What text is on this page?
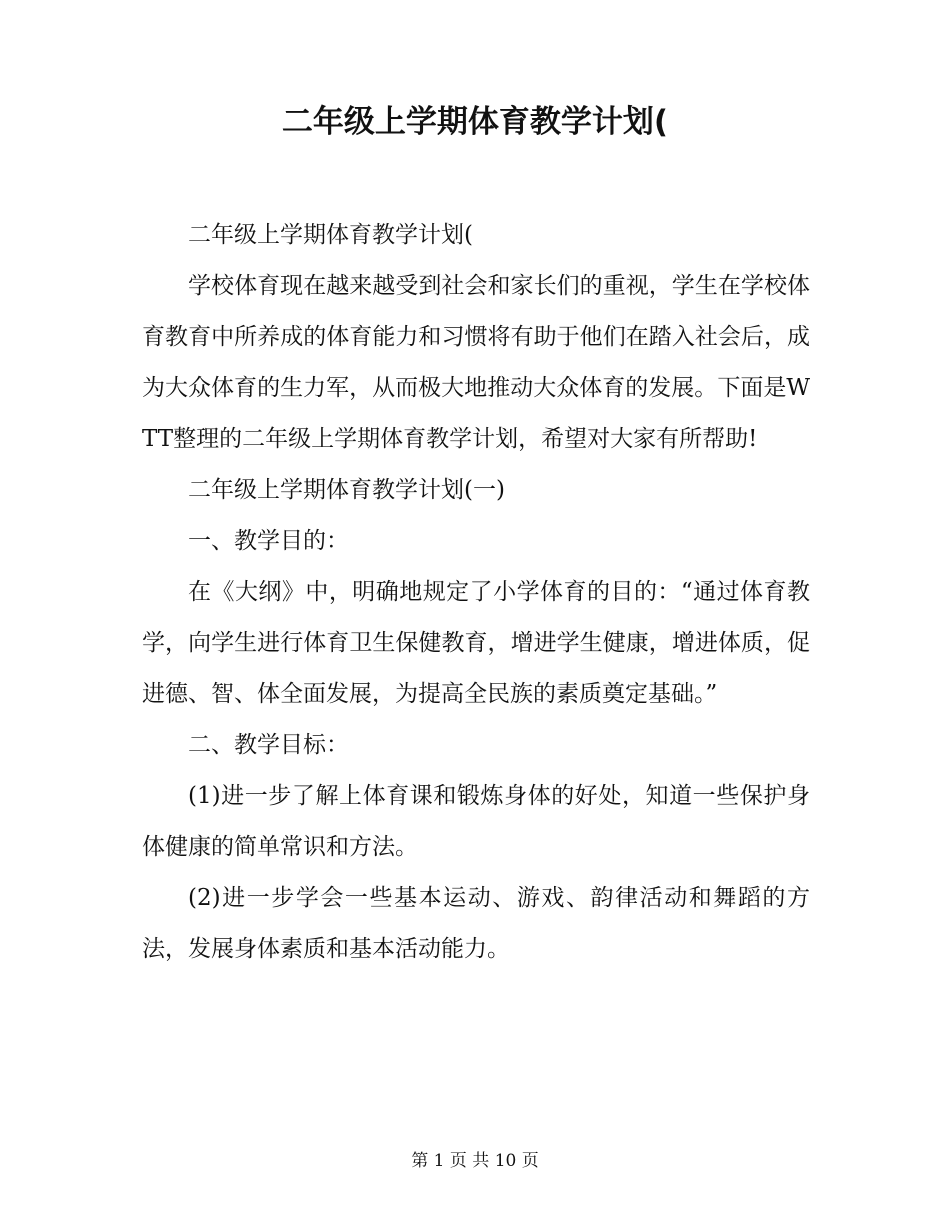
二年级上学期体育教学计划(

二年级上学期体育教学计划(

学校体育现在越来越受到社会和家长们的重视，学生在学校体育教育中所养成的体育能力和习惯将有助于他们在踏入社会后，成为大众体育的生力军，从而极大地推动大众体育的发展。下面是WTT整理的二年级上学期体育教学计划，希望对大家有所帮助!

二年级上学期体育教学计划(一)

一、教学目的：

在《大纲》中，明确地规定了小学体育的目的：“通过体育教学，向学生进行体育卫生保健教育，增进学生健康，增进体质，促进德、智、体全面发展，为提高全民族的素质奠定基础。”

二、教学目标：

(1)进一步了解上体育课和锻炼身体的好处，知道一些保护身体健康的简单常识和方法。

(2)进一步学会一些基本运动、游戏、韵律活动和舞蹈的方法，发展身体素质和基本活动能力。

第 1 页 共 10 页
